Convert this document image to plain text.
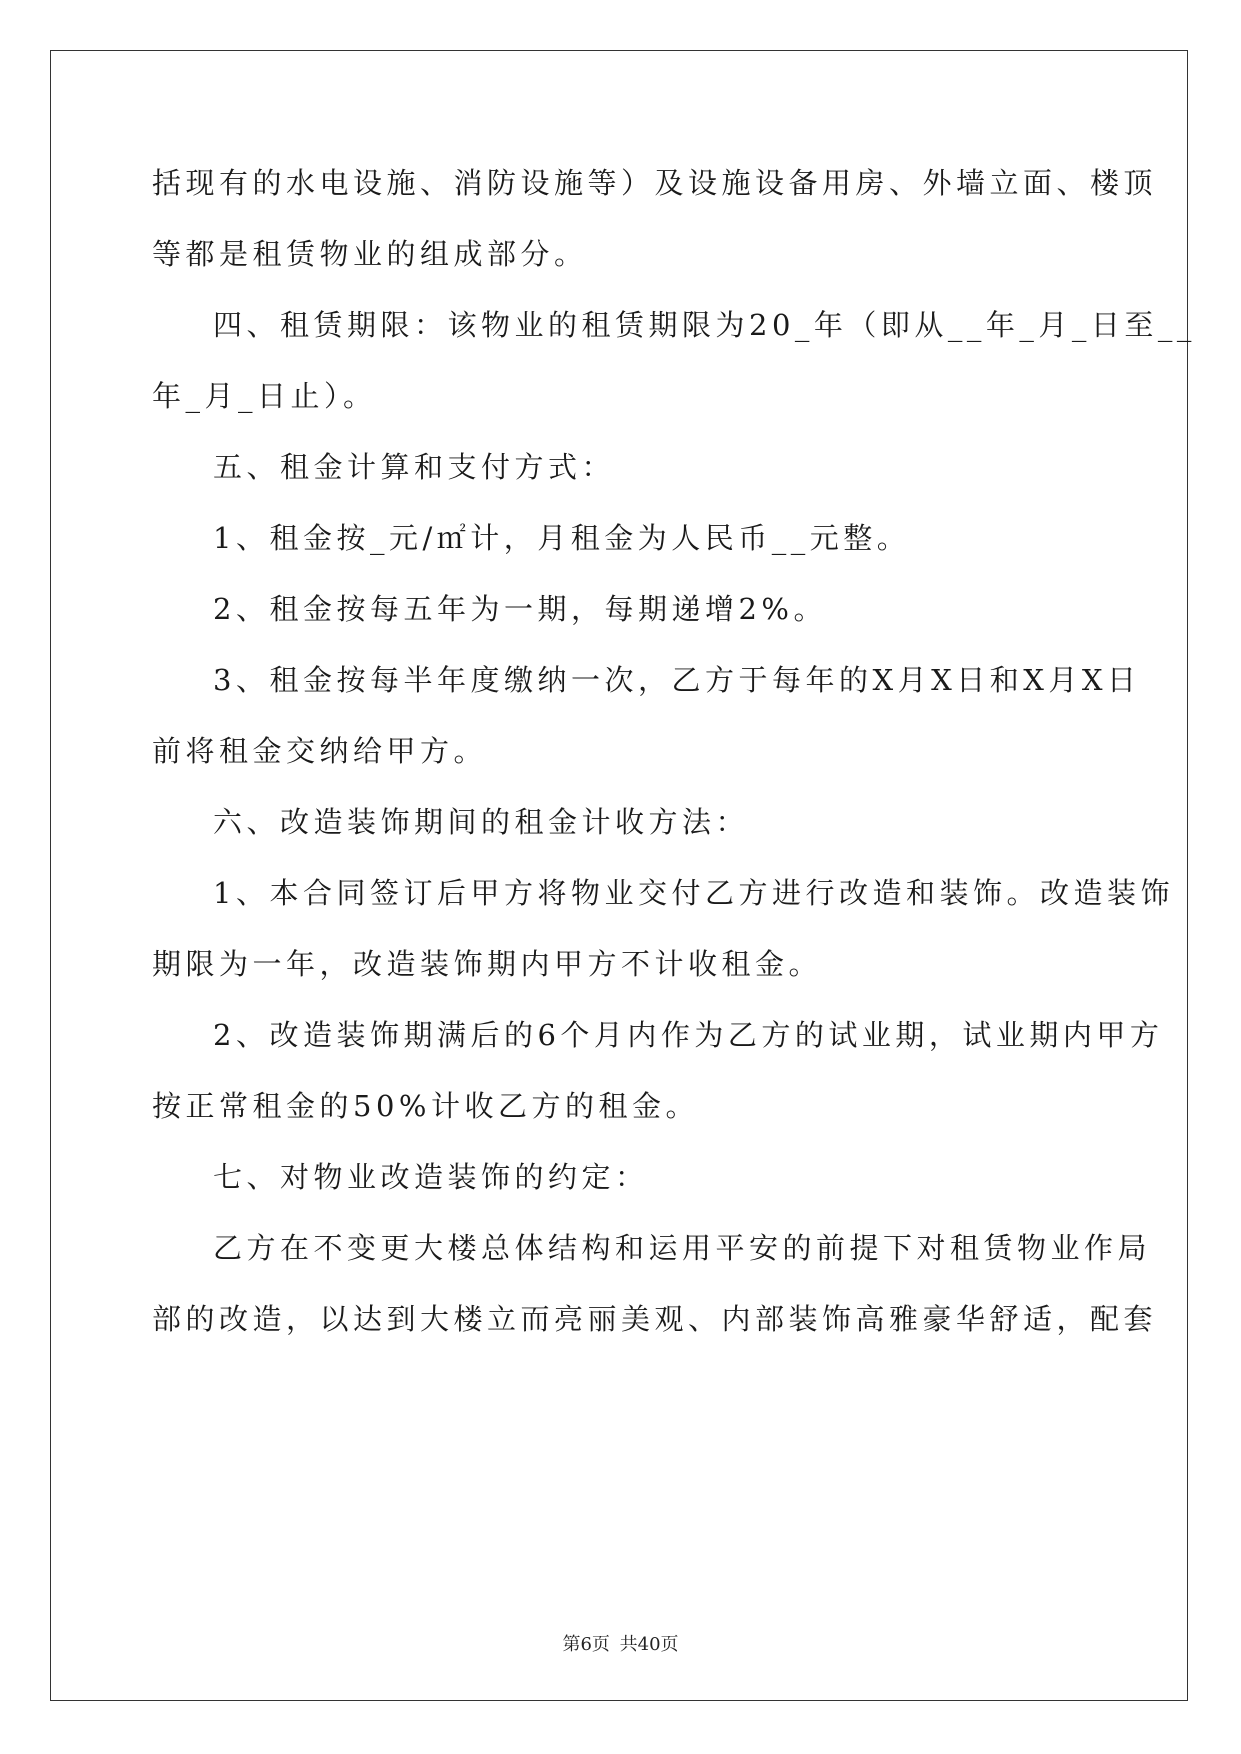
括现有的水电设施、消防设施等）及设施设备用房、外墙立面、楼顶
等都是租赁物业的组成部分。
四、租赁期限：该物业的租赁期限为20_年（即从__年_月_日至__
年_月_日止）。
五、租金计算和支付方式：
1、租金按_元/㎡计，月租金为人民币__元整。
2、租金按每五年为一期，每期递增2%。
3、租金按每半年度缴纳一次，乙方于每年的X月X日和X月X日
前将租金交纳给甲方。
六、改造装饰期间的租金计收方法：
1、本合同签订后甲方将物业交付乙方进行改造和装饰。改造装饰
期限为一年，改造装饰期内甲方不计收租金。
2、改造装饰期满后的6个月内作为乙方的试业期，试业期内甲方
按正常租金的50%计收乙方的租金。
七、对物业改造装饰的约定：
乙方在不变更大楼总体结构和运用平安的前提下对租赁物业作局
部的改造，以达到大楼立而亮丽美观、内部装饰高雅豪华舒适，配套
第6页 共40页
